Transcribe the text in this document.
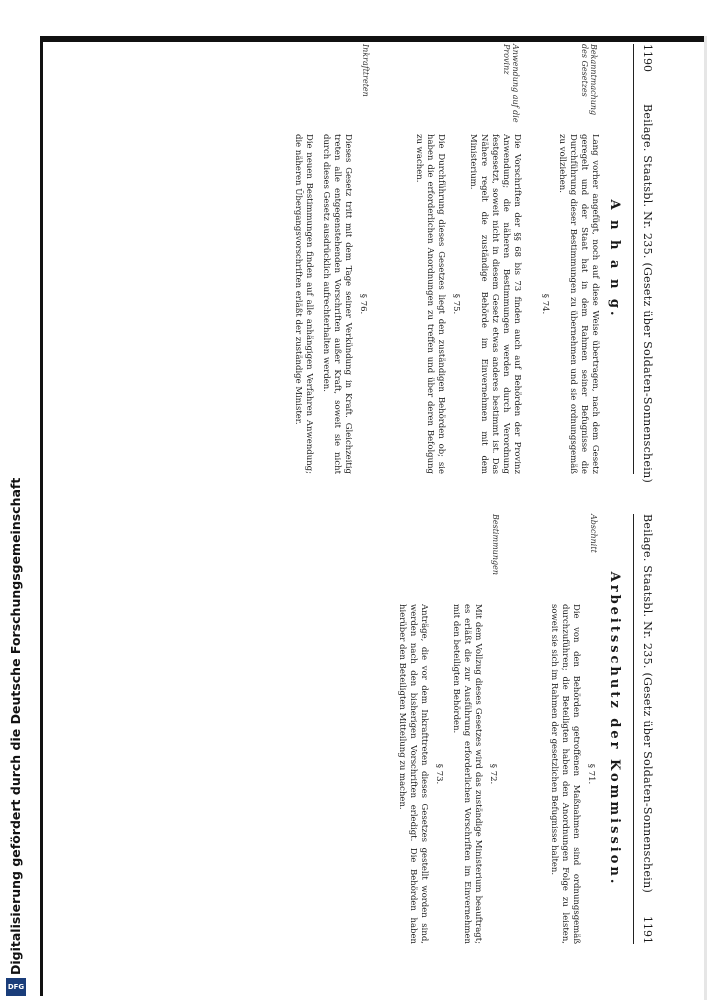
1190
Beilage. Staatsbl. Nr. 235. (Gesetz über Soldaten-Sonnenschein)
A n h a n g.
Bekanntmachung des Gesetzes

Lang vorher angefügt, noch auf diese Weise übertragen, nach dem Gesetz geregelt und der Staat hat in dem Rahmen seiner Befugnisse die Durchführung dieser Bestimmungen zu übernehmen und sie ordnungsgemäß zu vollziehen.

§ 74.

Anwendung auf die Provinz

Die Vorschriften der §§ 68 bis 73 finden auch auf Behörden der Provinz Anwendung; die näheren Bestimmungen werden durch Verordnung festgesetzt, soweit nicht in diesem Gesetz etwas anderes bestimmt ist. Das Nähere regelt die zuständige Behörde im Einvernehmen mit dem Ministerium.

§ 75.

Die Durchführung dieses Gesetzes liegt den zuständigen Behörden ob; sie haben die erforderlichen Anordnungen zu treffen und über deren Befolgung zu wachen.

Inkrafttreten

§ 76.

Dieses Gesetz tritt mit dem Tage seiner Verkündung in Kraft. Gleichzeitig treten alle entgegenstehenden Vorschriften außer Kraft, soweit sie nicht durch dieses Gesetz ausdrücklich aufrechterhalten werden.

Die neuen Bestimmungen finden auf alle anhängigen Verfahren Anwendung; die näheren Übergangsvorschriften erläßt der zuständige Minister.

Beilage. Staatsbl. Nr. 235. (Gesetz über Soldaten-Sonnenschein)
1191
Arbeitsschutz der Kommission.
Abschnitt

§ 71.

Die von den Behörden getroffenen Maßnahmen sind ordnungsgemäß durchzuführen; die Beteiligten haben den Anordnungen Folge zu leisten, soweit sie sich im Rahmen der gesetzlichen Befugnisse halten.

Bestimmungen

§ 72.

Mit dem Vollzug dieses Gesetzes wird das zuständige Ministerium beauftragt; es erläßt die zur Ausführung erforderlichen Vorschriften im Einvernehmen mit den beteiligten Behörden.

§ 73.

Anträge, die vor dem Inkrafttreten dieses Gesetzes gestellt worden sind, werden nach den bisherigen Vorschriften erledigt. Die Behörden haben hierüber den Beteiligten Mitteilung zu machen.

Digitalisierung gefördert durch die Deutsche Forschungsgemeinschaft
DFG
